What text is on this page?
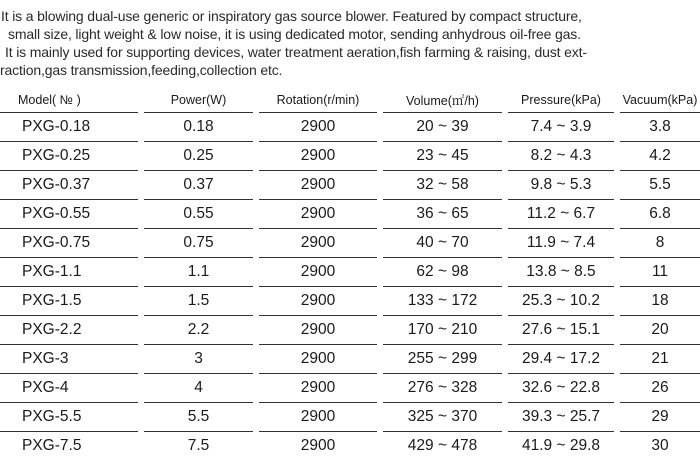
It is a blowing dual-use generic or inspiratory gas source blower. Featured by compact structure,
small size, light weight & low noise, it is using dedicated motor, sending anhydrous oil-free gas.
It is mainly used for supporting devices, water treatment aeration,fish farming & raising, dust ext-
raction,gas transmission,feeding,collection etc.
Model( № )		Power(W)		Rotation(r/min)		Volume(㎡/h)		Pressure(kPa)		Vacuum(kPa)
PXG-0.18		0.18		2900		20 ~ 39		7.4 ~ 3.9		3.8
PXG-0.25		0.25		2900		23 ~ 45		8.2 ~ 4.3		4.2
PXG-0.37		0.37		2900		32 ~ 58		9.8 ~ 5.3		5.5
PXG-0.55		0.55		2900		36 ~ 65		11.2 ~ 6.7		6.8
PXG-0.75		0.75		2900		40 ~ 70		11.9 ~ 7.4		8
PXG-1.1		1.1		2900		62 ~ 98		13.8 ~ 8.5		11
PXG-1.5		1.5		2900		133 ~ 172		25.3 ~ 10.2		18
PXG-2.2		2.2		2900		170 ~ 210		27.6 ~ 15.1		20
PXG-3		3		2900		255 ~ 299		29.4 ~ 17.2		21
PXG-4		4		2900		276 ~ 328		32.6 ~ 22.8		26
PXG-5.5		5.5		2900		325 ~ 370		39.3 ~ 25.7		29
PXG-7.5		7.5		2900		429 ~ 478		41.9 ~ 29.8		30
